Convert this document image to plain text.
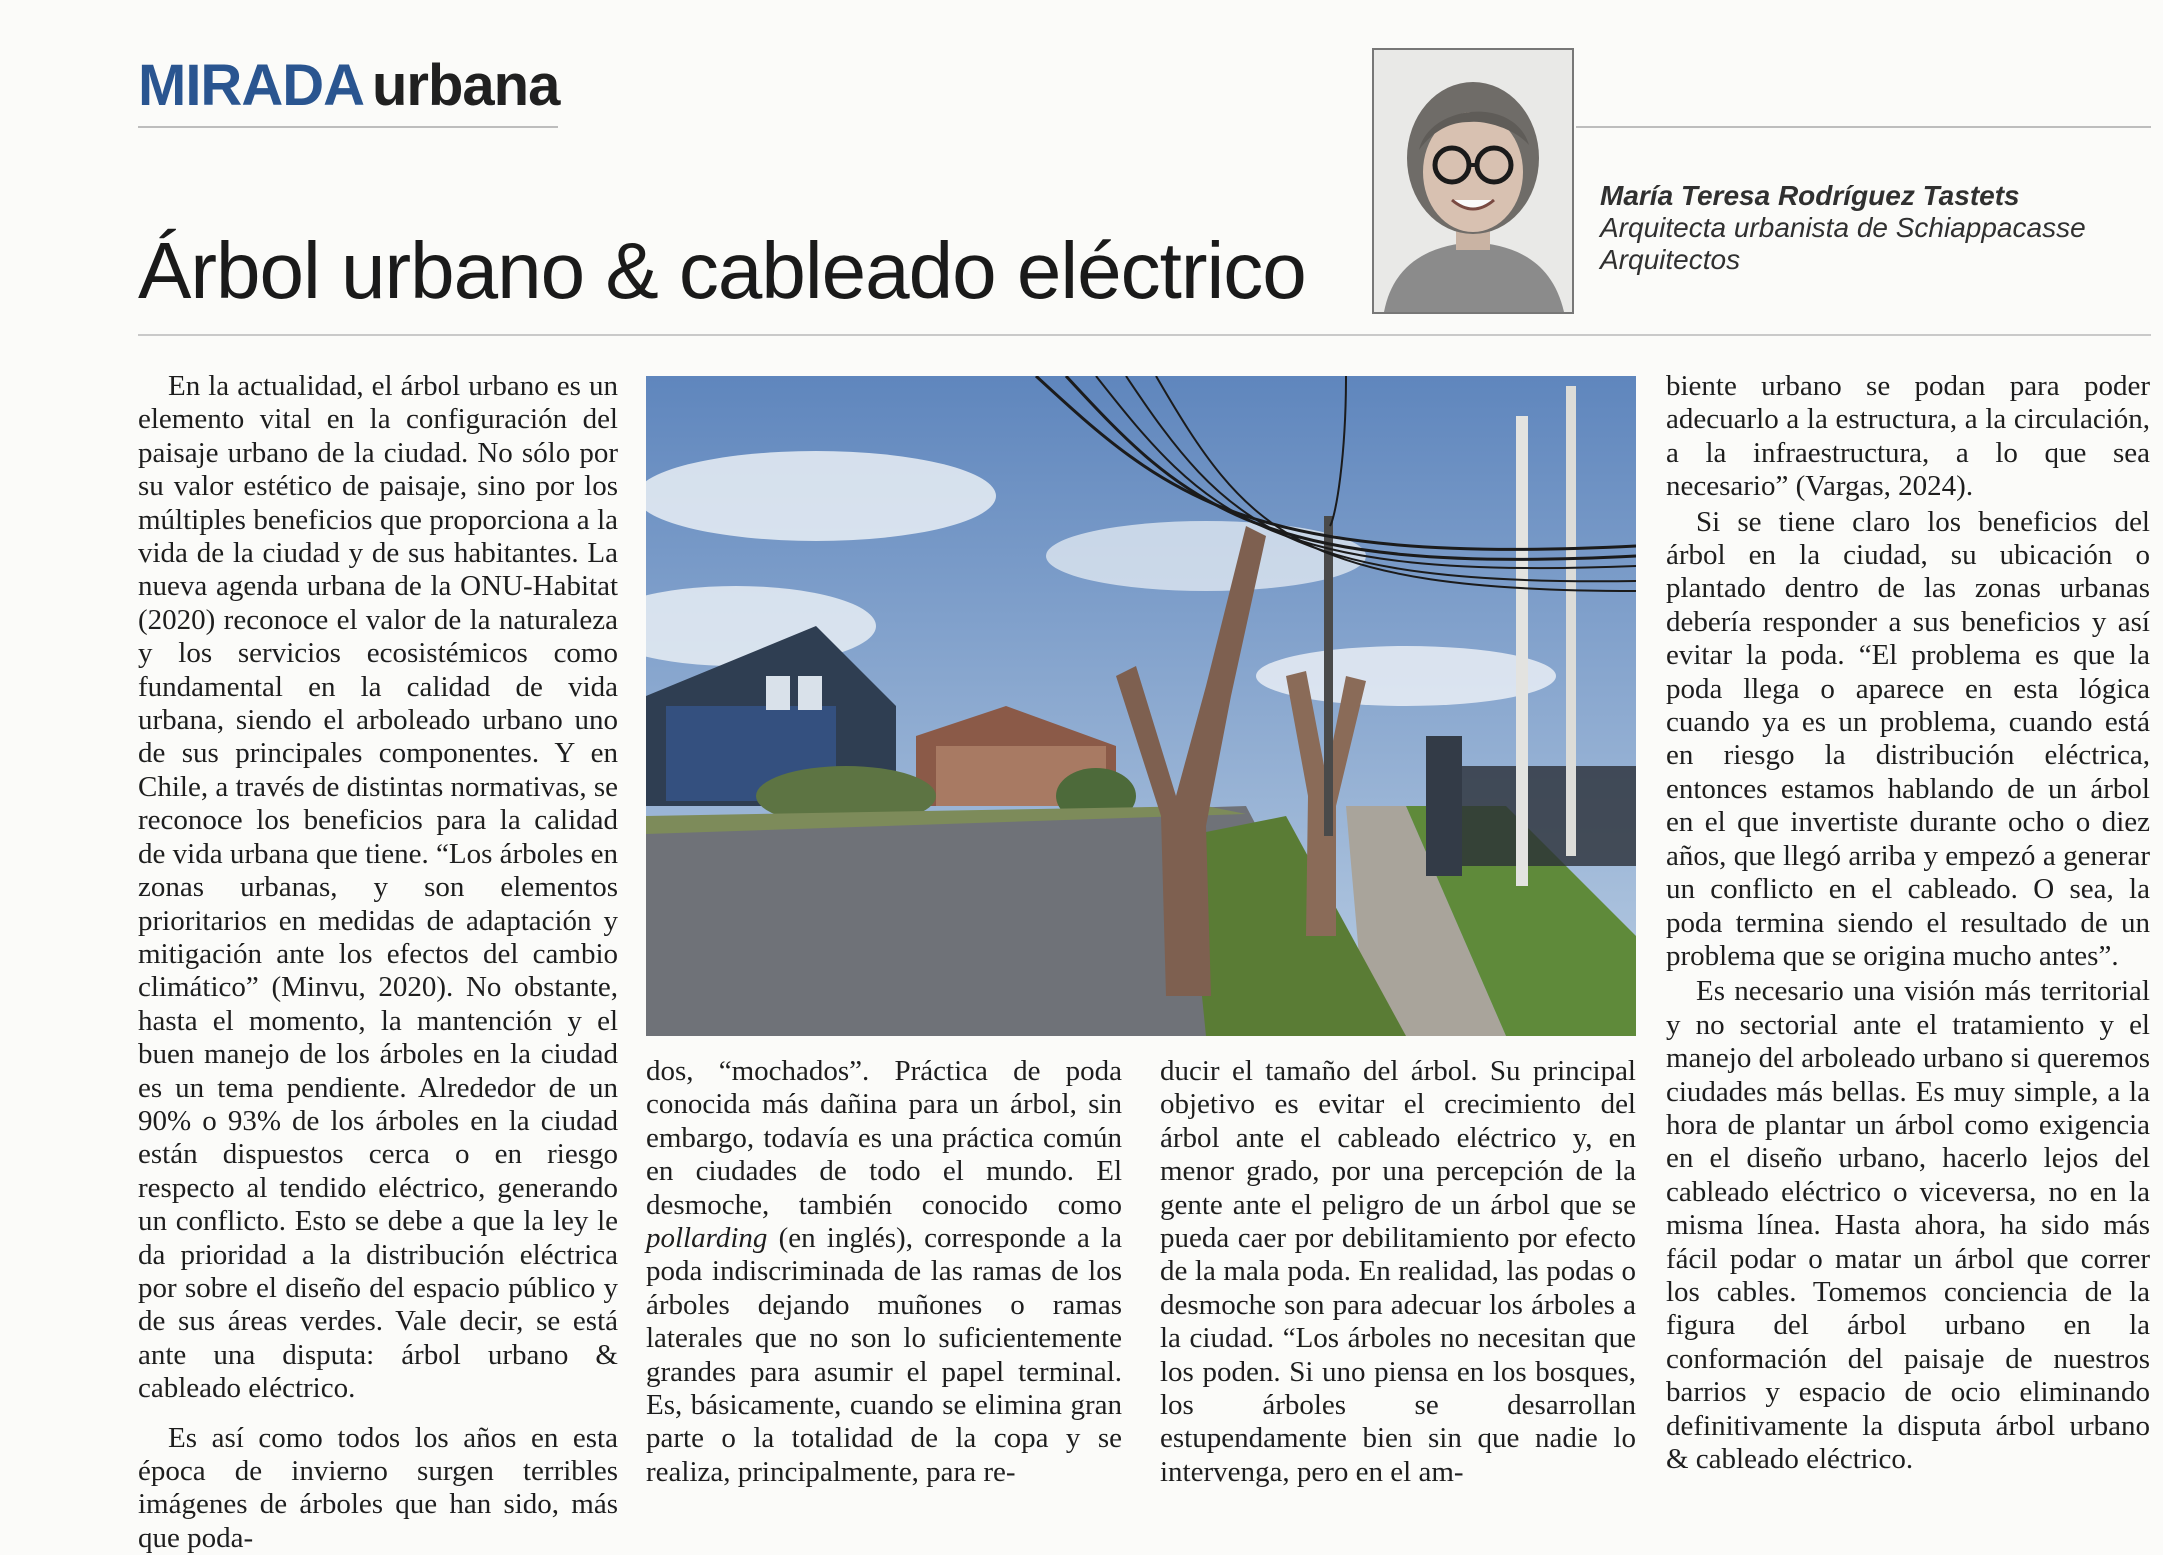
MIRADA urbana
Árbol urbano & cableado eléctrico
María Teresa Rodríguez Tastets
Arquitecta urbanista de Schiappacasse
Arquitectos

En la actualidad, el árbol urbano es un elemento vital en la configuración del paisaje urbano de la ciudad. No sólo por su valor estético de paisaje, sino por los múltiples beneficios que proporciona a la vida de la ciudad y de sus habitantes. La nueva agenda urbana de la ONU-Habitat (2020) reconoce el valor de la naturaleza y los servicios ecosistémicos como fundamental en la calidad de vida urbana, siendo el arboleado urbano uno de sus principales componentes. Y en Chile, a través de distintas normativas, se reconoce los beneficios para la calidad de vida urbana que tiene. “Los árboles en zonas urbanas, y son elementos prioritarios en medidas de adaptación y mitigación ante los efectos del cambio climático” (Minvu, 2020). No obstante, hasta el momento, la mantención y el buen manejo de los árboles en la ciudad es un tema pendiente. Alrededor de un 90% o 93% de los árboles en la ciudad están dispuestos cerca o en riesgo respecto al tendido eléctrico, generando un conflicto. Esto se debe a que la ley le da prioridad a la distribución eléctrica por sobre el diseño del espacio público y de sus áreas verdes. Vale decir, se está ante una disputa: árbol urbano & cableado eléctrico.

Es así como todos los años en esta época de invierno surgen terribles imágenes de árboles que han sido, más que poda-

dos, “mochados”. Práctica de poda conocida más dañina para un árbol, sin embargo, todavía es una práctica común en ciudades de todo el mundo. El desmoche, también conocido como pollarding (en inglés), corresponde a la poda indiscriminada de las ramas de los árboles dejando muñones o ramas laterales que no son lo suficientemente grandes para asumir el papel terminal. Es, básicamente, cuando se elimina gran parte o la totalidad de la copa y se realiza, principalmente, para re-

ducir el tamaño del árbol. Su principal objetivo es evitar el crecimiento del árbol ante el cableado eléctrico y, en menor grado, por una percepción de la gente ante el peligro de un árbol que se pueda caer por debilitamiento por efecto de la mala poda. En realidad, las podas o desmoche son para adecuar los árboles a la ciudad. “Los árboles no necesitan que los poden. Si uno piensa en los bosques, los árboles se desarrollan estupendamente bien sin que nadie lo intervenga, pero en el am-

biente urbano se podan para poder adecuarlo a la estructura, a la circulación, a la infraestructura, a lo que sea necesario” (Vargas, 2024).

Si se tiene claro los beneficios del árbol en la ciudad, su ubicación o plantado dentro de las zonas urbanas debería responder a sus beneficios y así evitar la poda. “El problema es que la poda llega o aparece en esta lógica cuando ya es un problema, cuando está en riesgo la distribución eléctrica, entonces estamos hablando de un árbol en el que invertiste durante ocho o diez años, que llegó arriba y empezó a generar un conflicto en el cableado. O sea, la poda termina siendo el resultado de un problema que se origina mucho antes”.

Es necesario una visión más territorial y no sectorial ante el tratamiento y el manejo del arboleado urbano si queremos ciudades más bellas. Es muy simple, a la hora de plantar un árbol como exigencia en el diseño urbano, hacerlo lejos del cableado eléctrico o viceversa, no en la misma línea. Hasta ahora, ha sido más fácil podar o matar un árbol que correr los cables. Tomemos conciencia de la figura del árbol urbano en la conformación del paisaje de nuestros barrios y espacio de ocio eliminando definitivamente la disputa árbol urbano & cableado eléctrico.
